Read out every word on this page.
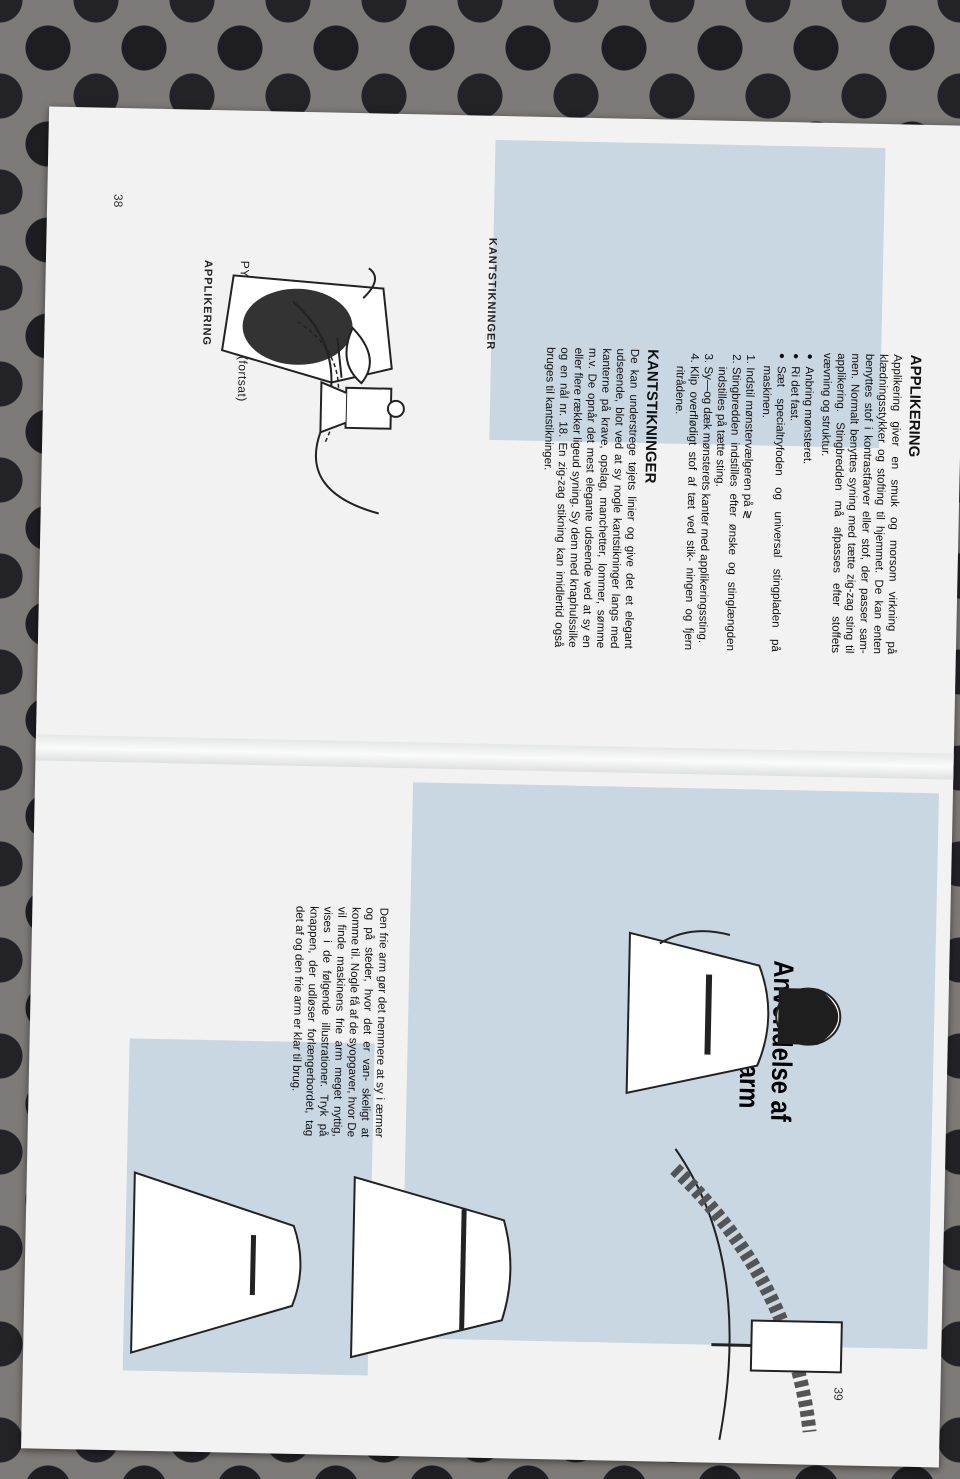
(fortsat)
38
APPLIKERING	KANTSTIKNINGER
APPLIKERING

Applikering giver en smuk og morsom virkning på klædningsstykker og stofting til hjemmet. De kan enten benyttes stof i kontrastfarver eller stof, der passer sam- men. Normalt benyttes syning med tætte zig-zag sting til applikering. Stingbredden må afpasses efter stoffets vævning og struktur.

● Anbring mønsteret.
● Ri det fast.
● Sæt specialtryfoden og universal stingpladen på maskinen.
1. Indstil mønstervælgeren på ≷
2. Stingbredden indstilles efter ønske og stinglængden indstilles på tætte sting.
3. Sy—og dæk mønsterets kanter med applikeringssting.
4. Klip overflødigt stof af tæt ved stik- ningen og fjern ritrådene.
KANTSTIKNINGER

De kan understrege tøjets linier og give det et elegant udseende, blot ved at sy nogle kantstikninger langs med kanterne på krave, opslag, manchetter, lommer, sømme m.v. De opnår det mest elegante udseende ved at sy en eller flere rækker ligeud syning. Sy dem med knaphulssilke og en nål nr. 18. En zig-zag stikning kan imidlertid også bruges til kantstikninger.

39
af arm
Den frie arm gør det nemmere at sy i ærmer og på steder, hvor det er van- skeligt at komme til. Nogle få af de syopgaver, hvor De vil finde maskinens frie arm meget nyttig, vises i de følgende illustrationer. Tryk på knappen, der udløser forlængerbordet, tag det af og den frie arm er klar til brug.
